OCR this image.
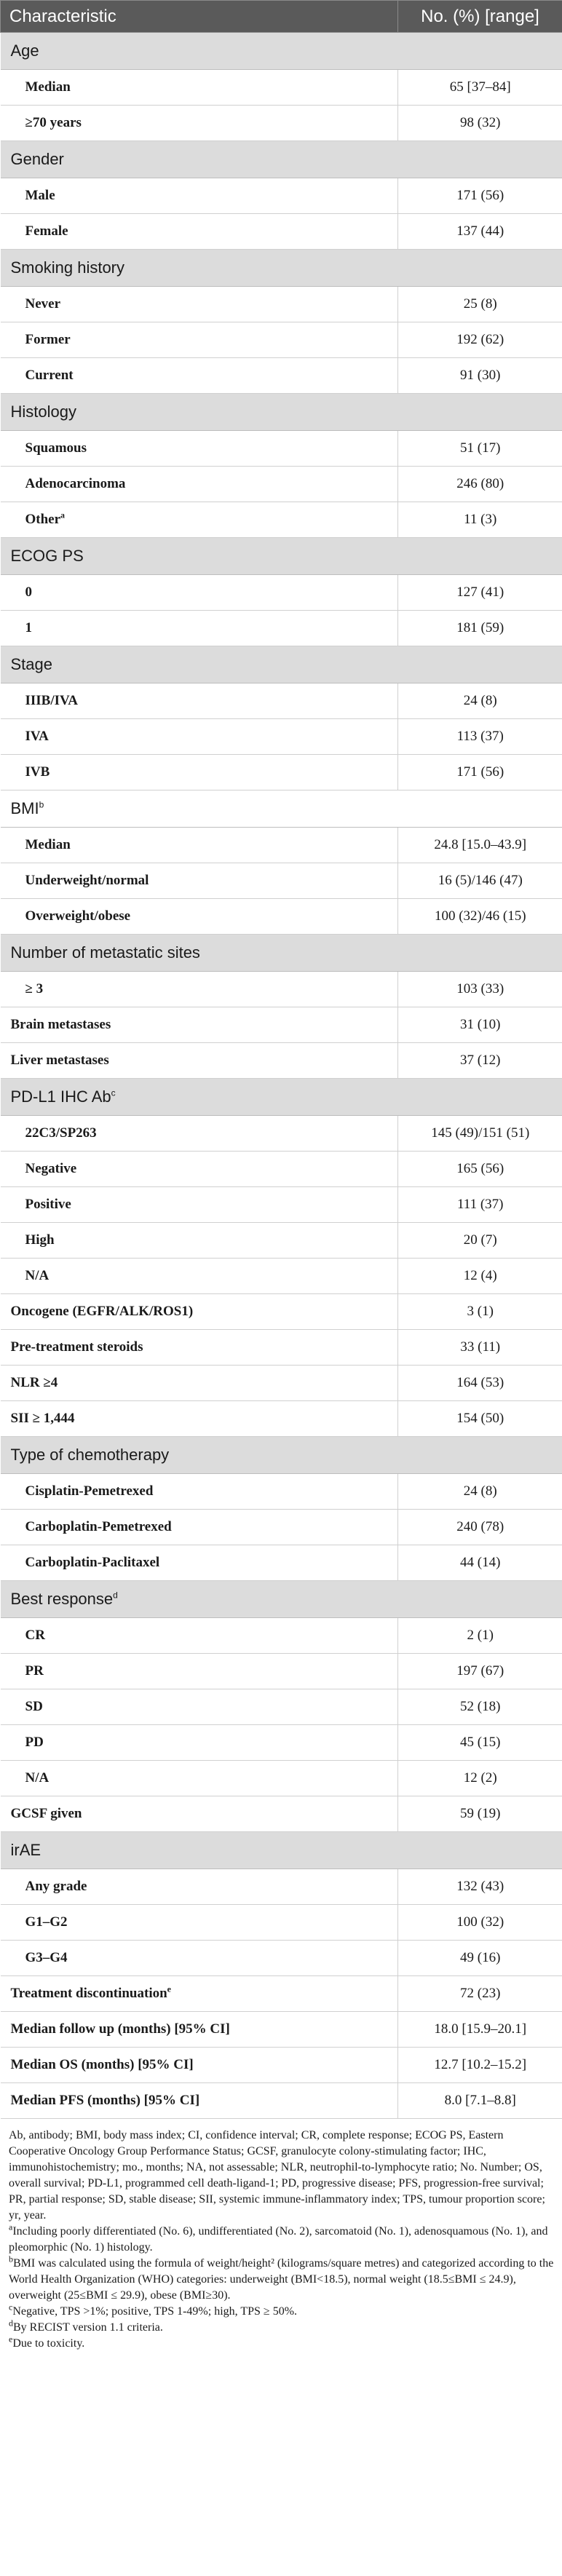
Characteristic	No. (%) [range]
Age	
Median	65 [37–84]
≥70 years	98 (32)
Gender	
Male	171 (56)
Female	137 (44)
Smoking history	
Never	25 (8)
Former	192 (62)
Current	91 (30)
Histology	
Squamous	51 (17)
Adenocarcinoma	246 (80)
Other$^a$	11 (3)
ECOG PS	
0	127 (41)
1	181 (59)
Stage	
IIIB/IVA	24 (8)
IVA	113 (37)
IVB	171 (56)
BMI$^b$	
Median	24.8 [15.0–43.9]
Underweight/normal	16 (5)/146 (47)
Overweight/obese	100 (32)/46 (15)
Number of metastatic sites	
≥ 3	103 (33)
Brain metastases	31 (10)
Liver metastases	37 (12)
PD-L1 IHC Ab$^c$	
22C3/SP263	145 (49)/151 (51)
Negative	165 (56)
Positive	111 (37)
High	20 (7)
N/A	12 (4)
Oncogene (EGFR/ALK/ROS1)	3 (1)
Pre-treatment steroids	33 (11)
NLR ≥4	164 (53)
SII ≥ 1,444	154 (50)
Type of chemotherapy	
Cisplatin-Pemetrexed	24 (8)
Carboplatin-Pemetrexed	240 (78)
Carboplatin-Paclitaxel	44 (14)
Best response$^d$	
CR	2 (1)
PR	197 (67)
SD	52 (18)
PD	45 (15)
N/A	12 (2)
GCSF given	59 (19)
irAE	
Any grade	132 (43)
G1–G2	100 (32)
G3–G4	49 (16)
Treatment discontinuation$^e$	72 (23)
Median follow up (months) [95% CI]	18.0 [15.9–20.1]
Median OS (months) [95% CI]	12.7 [10.2–15.2]
Median PFS (months) [95% CI]	8.0 [7.1–8.8]

Ab, antibody; BMI, body mass index; CI, confidence interval; CR, complete response; ECOG PS, Eastern Cooperative Oncology Group Performance Status; GCSF, granulocyte colony-stimulating factor; IHC, immunohistochemistry; mo., months; NA, not assessable; NLR, neutrophil-to-lymphocyte ratio; No. Number; OS, overall survival; PD-L1, programmed cell death-ligand-1; PD, progressive disease; PFS, progression-free survival; PR, partial response; SD, stable disease; SII, systemic immune-inflammatory index; TPS, tumour proportion score; yr, year.

$^a$Including poorly differentiated (No. 6), undifferentiated (No. 2), sarcomatoid (No. 1), adenosquamous (No. 1), and pleomorphic (No. 1) histology.

$^b$BMI was calculated using the formula of weight/height² (kilograms/square metres) and categorized according to the World Health Organization (WHO) categories: underweight (BMI<18.5), normal weight (18.5≤BMI ≤ 24.9), overweight (25≤BMI ≤ 29.9), obese (BMI≥30).

$^c$Negative, TPS >1%; positive, TPS 1-49%; high, TPS ≥ 50%.

$^d$By RECIST version 1.1 criteria.

$^e$Due to toxicity.
